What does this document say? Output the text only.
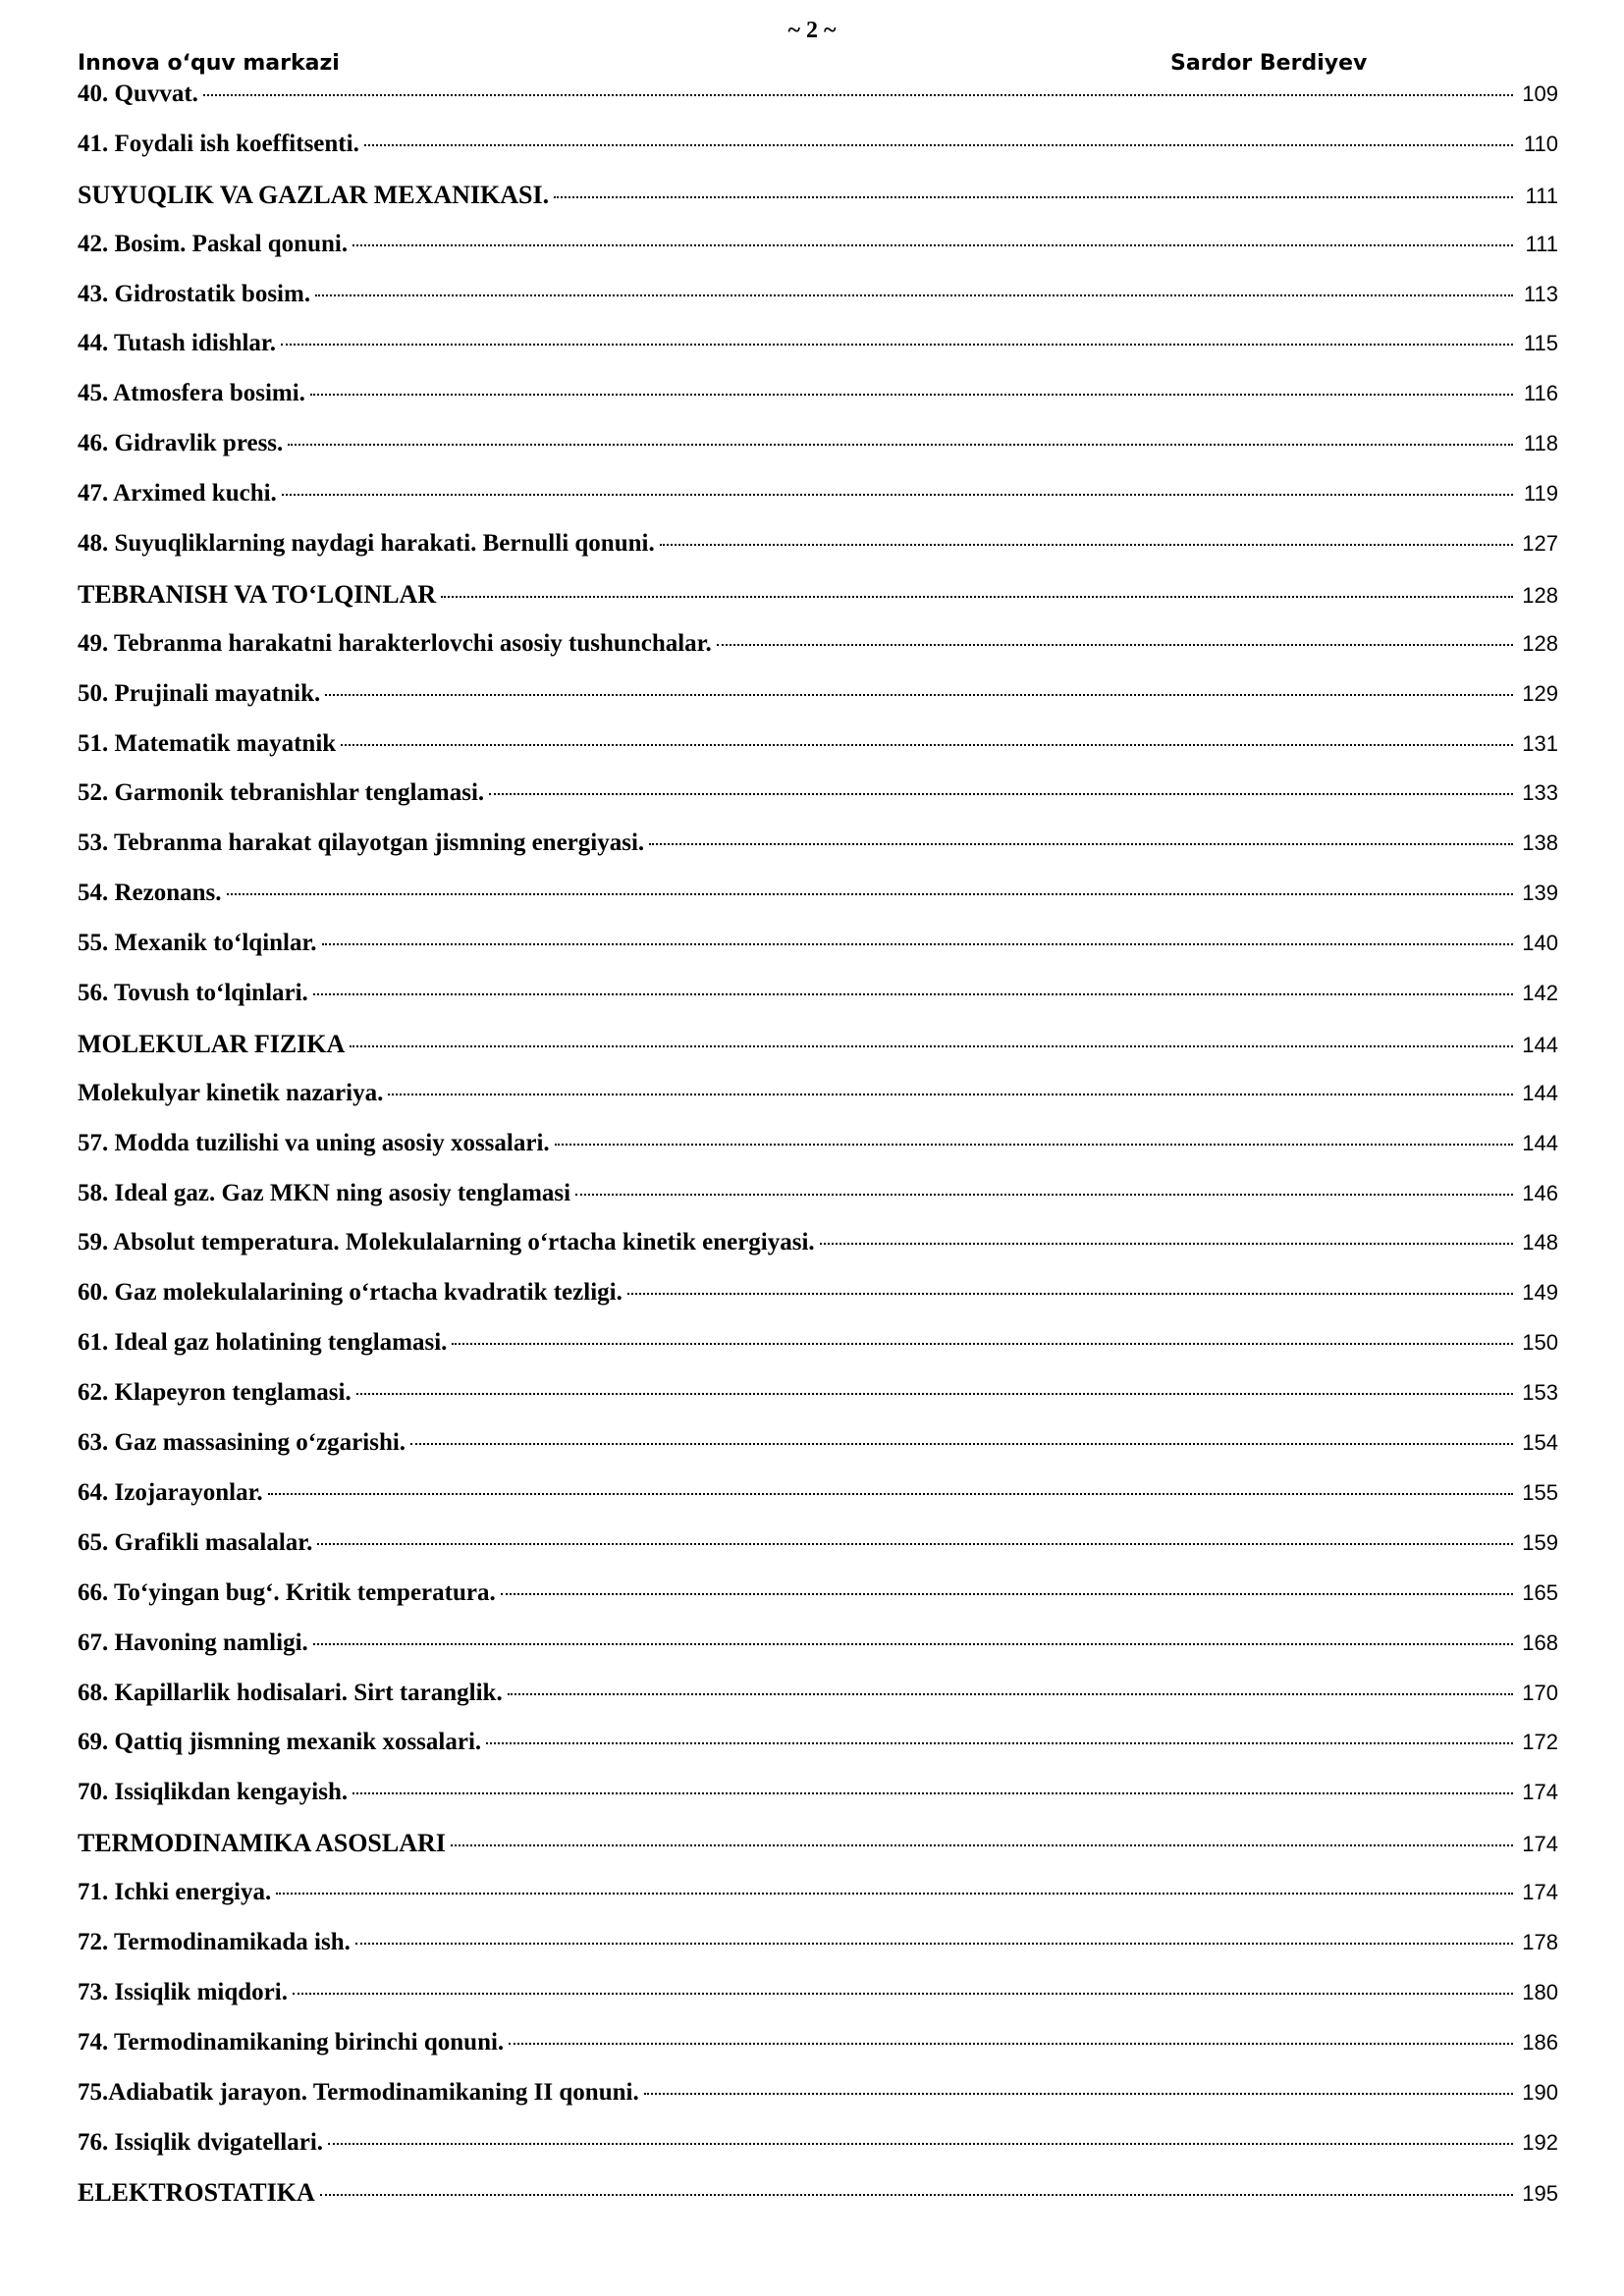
~ 2 ~
Innova o‘quv markazi	Sardor Berdiyev
40. Quvvat.	109
41. Foydali ish koeffitsenti.	110
SUYUQLIK VA GAZLAR MEXANIKASI.	111
42. Bosim. Paskal qonuni.	111
43. Gidrostatik bosim.	113
44. Tutash idishlar.	115
45. Atmosfera bosimi.	116
46. Gidravlik press.	118
47. Arximed kuchi.	119
48. Suyuqliklarning naydagi harakati. Bernulli qonuni.	127
TEBRANISH VA TO‘LQINLAR	128
49. Tebranma harakatni harakterlovchi asosiy tushunchalar.	128
50. Prujinali mayatnik.	129
51. Matematik mayatnik	131
52. Garmonik tebranishlar tenglamasi.	133
53. Tebranma harakat qilayotgan jismning energiyasi.	138
54. Rezonans.	139
55. Mexanik to‘lqinlar.	140
56. Tovush to‘lqinlari.	142
MOLEKULAR FIZIKA	144
Molekulyar kinetik nazariya.	144
57. Modda tuzilishi va uning asosiy xossalari.	144
58. Ideal gaz. Gaz MKN ning asosiy tenglamasi	146
59. Absolut temperatura. Molekulalarning o‘rtacha kinetik energiyasi.	148
60. Gaz molekulalarining o‘rtacha kvadratik tezligi.	149
61. Ideal gaz holatining tenglamasi.	150
62. Klapeyron tenglamasi.	153
63. Gaz massasining o‘zgarishi.	154
64. Izojarayonlar.	155
65. Grafikli masalalar.	159
66. To‘yingan bug‘. Kritik temperatura.	165
67. Havoning namligi.	168
68. Kapillarlik hodisalari. Sirt taranglik.	170
69. Qattiq jismning mexanik xossalari.	172
70. Issiqlikdan kengayish.	174
TERMODINAMIKA ASOSLARI	174
71. Ichki energiya.	174
72. Termodinamikada ish.	178
73. Issiqlik miqdori.	180
74. Termodinamikaning birinchi qonuni.	186
75.Adiabatik jarayon. Termodinamikaning II qonuni.	190
76. Issiqlik dvigatellari.	192
ELEKTROSTATIKA	195
